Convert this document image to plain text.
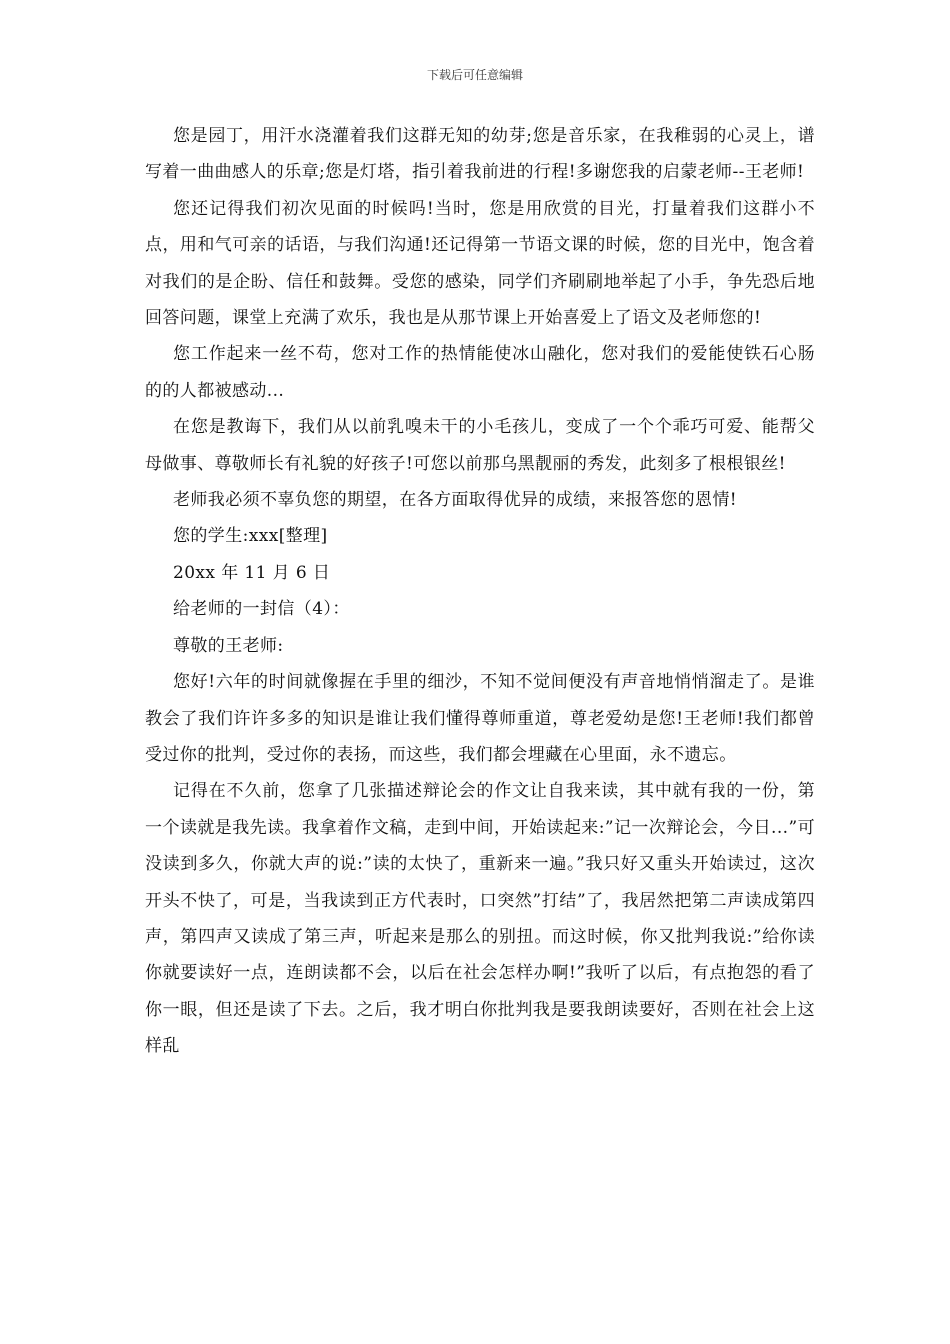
下载后可任意编辑

您是园丁，用汗水浇灌着我们这群无知的幼芽;您是音乐家，在我稚弱的心灵上，谱写着一曲曲感人的乐章;您是灯塔，指引着我前进的行程!多谢您我的启蒙老师--王老师!

您还记得我们初次见面的时候吗!当时，您是用欣赏的目光，打量着我们这群小不点，用和气可亲的话语，与我们沟通!还记得第一节语文课的时候，您的目光中，饱含着对我们的是企盼、信任和鼓舞。受您的感染，同学们齐刷刷地举起了小手，争先恐后地回答问题，课堂上充满了欢乐，我也是从那节课上开始喜爱上了语文及老师您的!

您工作起来一丝不苟，您对工作的热情能使冰山融化，您对我们的爱能使铁石心肠的的人都被感动...

在您是教诲下，我们从以前乳嗅未干的小毛孩儿，变成了一个个乖巧可爱、能帮父母做事、尊敬师长有礼貌的好孩子!可您以前那乌黑靓丽的秀发，此刻多了根根银丝!

老师我必须不辜负您的期望，在各方面取得优异的成绩，来报答您的恩情!

您的学生:xxx[整理]

20xx 年 11 月 6 日

给老师的一封信（4）：

尊敬的王老师:

您好!六年的时间就像握在手里的细沙，不知不觉间便没有声音地悄悄溜走了。是谁教会了我们许许多多的知识是谁让我们懂得尊师重道，尊老爱幼是您!王老师!我们都曾受过你的批判，受过你的表扬，而这些，我们都会埋藏在心里面，永不遗忘。

记得在不久前，您拿了几张描述辩论会的作文让自我来读，其中就有我的一份，第一个读就是我先读。我拿着作文稿，走到中间，开始读起来:”记一次辩论会，今日...”可没读到多久，你就大声的说:”读的太快了，重新来一遍。”我只好又重头开始读过，这次开头不快了，可是，当我读到正方代表时，口突然”打结”了，我居然把第二声读成第四声，第四声又读成了第三声，听起来是那么的别扭。而这时候，你又批判我说:”给你读你就要读好一点，连朗读都不会，以后在社会怎样办啊!”我听了以后，有点抱怨的看了你一眼，但还是读了下去。之后，我才明白你批判我是要我朗读要好，否则在社会上这样乱
